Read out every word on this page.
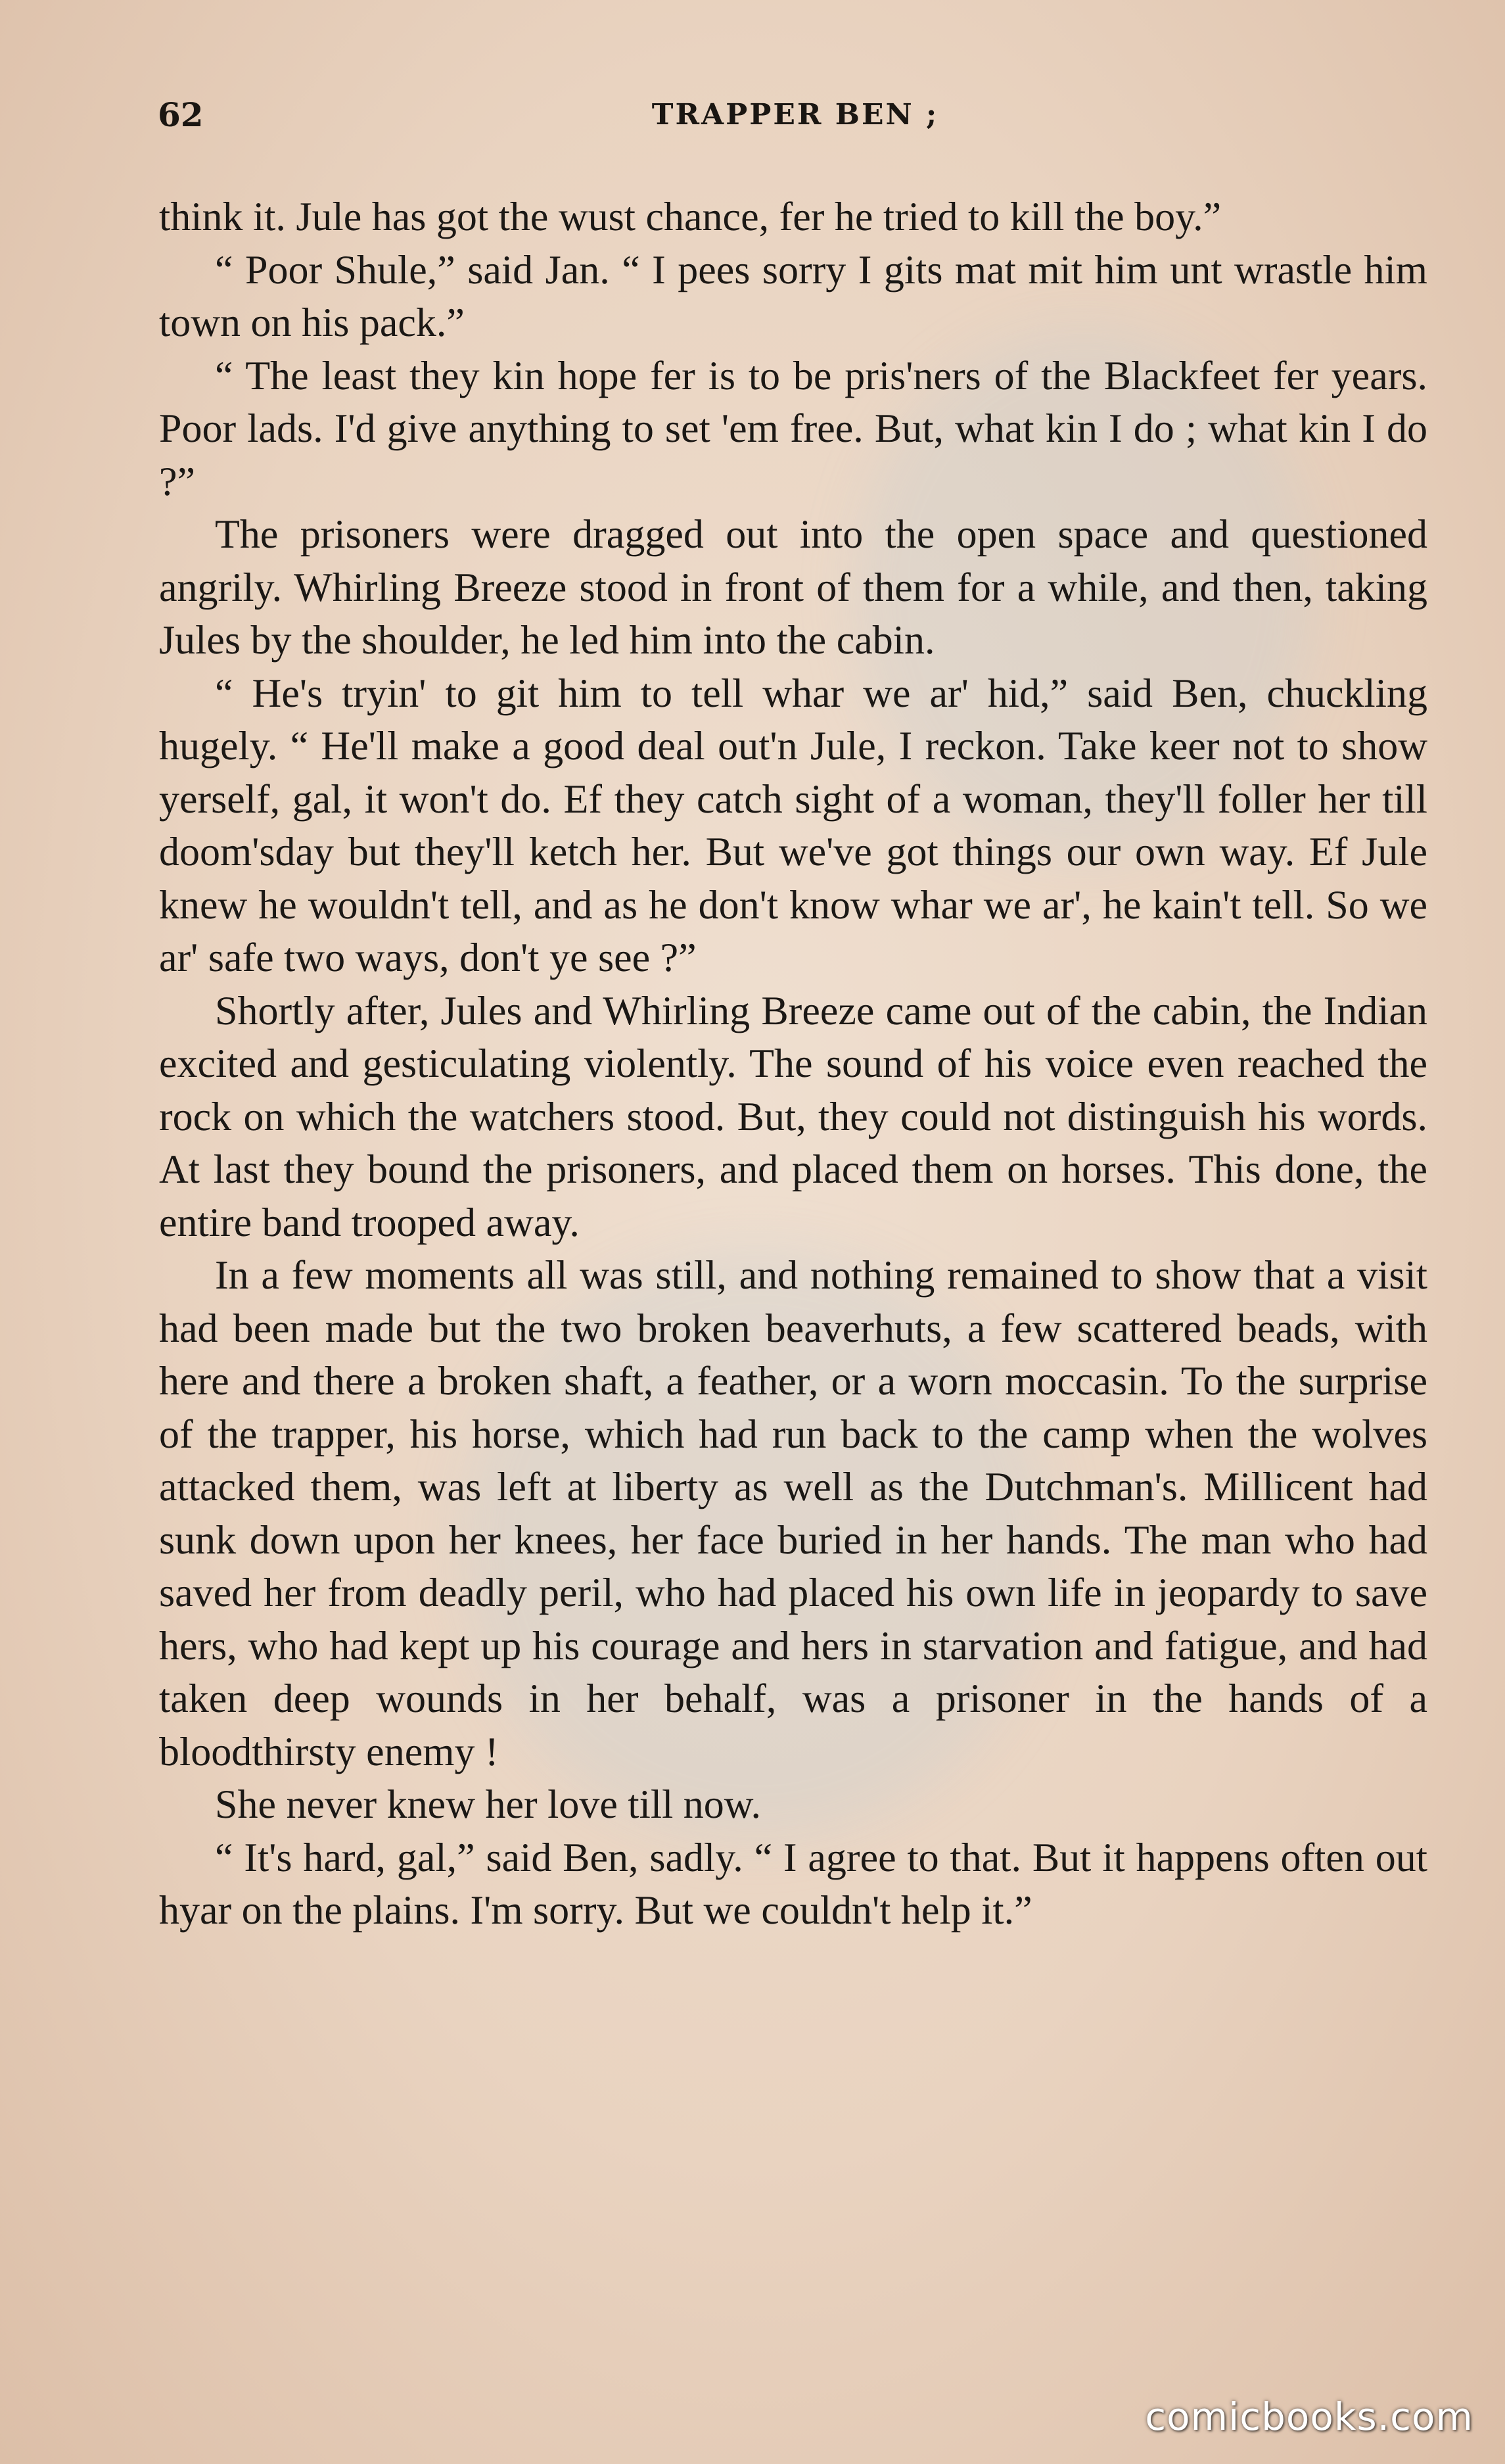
62	TRAPPER BEN ;

think it. Jule has got the wust chance, fer he tried to kill the boy.”

“ Poor Shule,” said Jan. “ I pees sorry I gits mat mit him unt wrastle him town on his pack.”

“ The least they kin hope fer is to be pris'ners of the Blackfeet fer years. Poor lads. I'd give anything to set 'em free. But, what kin I do ; what kin I do ?”

The prisoners were dragged out into the open space and questioned angrily. Whirling Breeze stood in front of them for a while, and then, taking Jules by the shoulder, he led him into the cabin.

“ He's tryin' to git him to tell whar we ar' hid,” said Ben, chuckling hugely. “ He'll make a good deal out'n Jule, I reckon. Take keer not to show yerself, gal, it won't do. Ef they catch sight of a woman, they'll foller her till doom'sday but they'll ketch her. But we've got things our own way. Ef Jule knew he wouldn't tell, and as he don't know whar we ar', he kain't tell. So we ar' safe two ways, don't ye see ?”

Shortly after, Jules and Whirling Breeze came out of the cabin, the Indian excited and gesticulating violently. The sound of his voice even reached the rock on which the watchers stood. But, they could not distinguish his words. At last they bound the prisoners, and placed them on horses. This done, the entire band trooped away.

In a few moments all was still, and nothing remained to show that a visit had been made but the two broken beaverhuts, a few scattered beads, with here and there a broken shaft, a feather, or a worn moccasin. To the surprise of the trapper, his horse, which had run back to the camp when the wolves attacked them, was left at liberty as well as the Dutchman's. Millicent had sunk down upon her knees, her face buried in her hands. The man who had saved her from deadly peril, who had placed his own life in jeopardy to save hers, who had kept up his courage and hers in starvation and fatigue, and had taken deep wounds in her behalf, was a prisoner in the hands of a bloodthirsty enemy !

She never knew her love till now.

“ It's hard, gal,” said Ben, sadly. “ I agree to that. But it happens often out hyar on the plains. I'm sorry. But we couldn't help it.”

comicbooks.com
